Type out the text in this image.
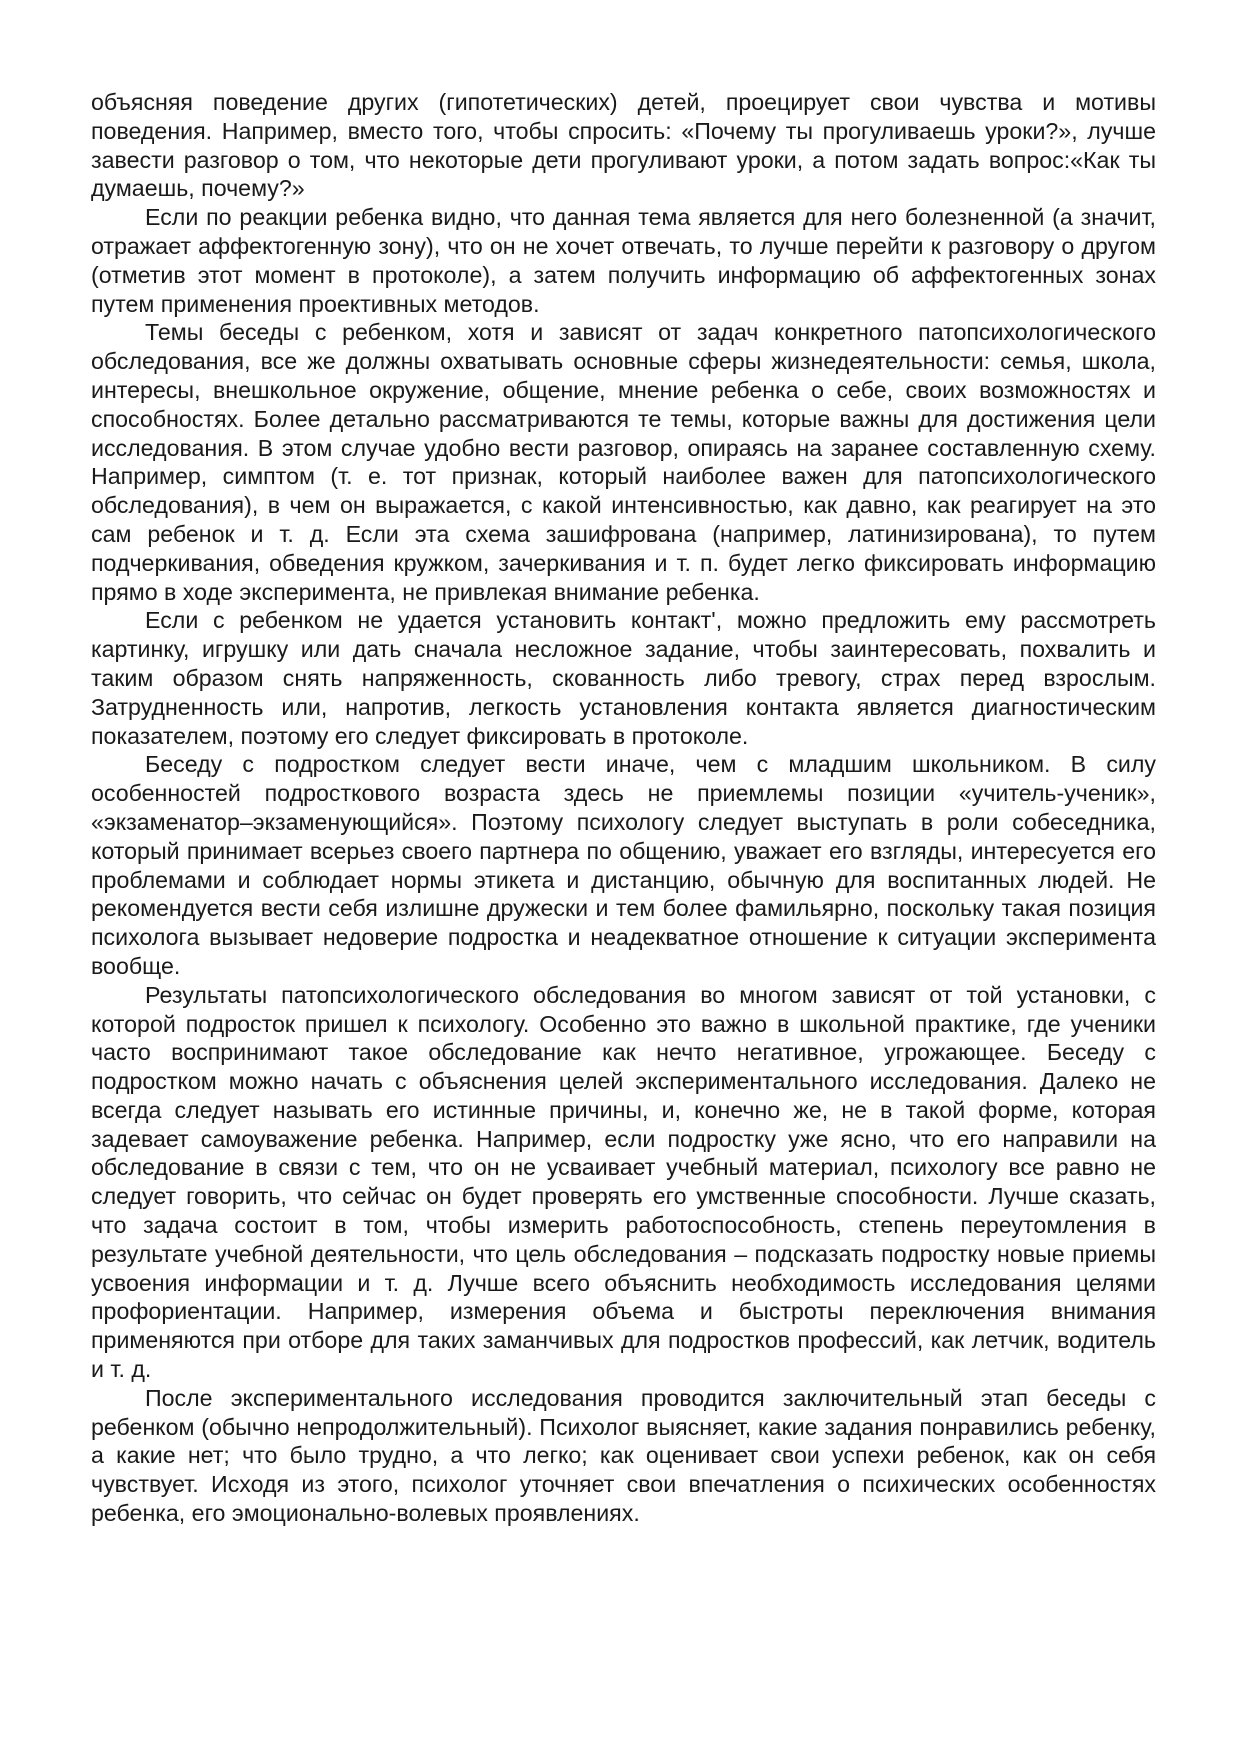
объясняя поведение других (гипотетических) детей, проецирует свои чувства и мотивы поведения. Например, вместо того, чтобы спросить: «Почему ты прогуливаешь уроки?», лучше завести разговор о том, что некоторые дети прогуливают уроки, а потом задать вопрос:«Как ты думаешь, почему?»

Если по реакции ребенка видно, что данная тема является для него болезненной (а значит, отражает аффектогенную зону), что он не хочет отвечать, то лучше перейти к разговору о другом (отметив этот момент в протоколе), а затем получить информацию об аффектогенных зонах путем применения проективных методов.

Темы беседы с ребенком, хотя и зависят от задач конкретного патопсихологического обследования, все же должны охватывать основные сферы жизнедеятельности: семья, школа, интересы, внешкольное окружение, общение, мнение ребенка о себе, своих возможностях и способностях. Более детально рассматриваются те темы, которые важны для достижения цели исследования. В этом случае удобно вести разговор, опираясь на заранее составленную схему. Например, симптом (т. е. тот признак, который наиболее важен для патопсихологического обследования), в чем он выражается, с какой интенсивностью, как давно, как реагирует на это сам ребенок и т. д. Если эта схема зашифрована (например, латинизирована), то путем подчеркивания, обведения кружком, зачеркивания и т. п. будет легко фиксировать информацию прямо в ходе эксперимента, не привлекая внимание ребенка.

Если с ребенком не удается установить контакт', можно предложить ему рассмотреть картинку, игрушку или дать сначала несложное задание, чтобы заинтересовать, похвалить и таким образом снять напряженность, скованность либо тревогу, страх перед взрослым. Затрудненность или, напротив, легкость установления контакта является диагностическим показателем, поэтому его следует фиксировать в протоколе.

Беседу с подростком следует вести иначе, чем с младшим школьником. В силу особенностей подросткового возраста здесь не приемлемы позиции «учитель-ученик», «экзаменатор–экзаменующийся». Поэтому психологу следует выступать в роли собеседника, который принимает всерьез своего партнера по общению, уважает его взгляды, интересуется его проблемами и соблюдает нормы этикета и дистанцию, обычную для воспитанных людей. Не рекомендуется вести себя излишне дружески и тем более фамильярно, поскольку такая позиция психолога вызывает недоверие подростка и неадекватное отношение к ситуации эксперимента вообще.

Результаты патопсихологического обследования во многом зависят от той установки, с которой подросток пришел к психологу. Особенно это важно в школьной практике, где ученики часто воспринимают такое обследование как нечто негативное, угрожающее. Беседу с подростком можно начать с объяснения целей экспериментального исследования. Далеко не всегда следует называть его истинные причины, и, конечно же, не в такой форме, которая задевает самоуважение ребенка. Например, если подростку уже ясно, что его направили на обследование в связи с тем, что он не усваивает учебный материал, психологу все равно не следует говорить, что сейчас он будет проверять его умственные способности. Лучше сказать, что задача состоит в том, чтобы измерить работоспособность, степень переутомления в результате учебной деятельности, что цель обследования – подсказать подростку новые приемы усвоения информации и т. д. Лучше всего объяснить необходимость исследования целями профориентации. Например, измерения объема и быстроты переключения внимания применяются при отборе для таких заманчивых для подростков профессий, как летчик, водитель и т. д.

После экспериментального исследования проводится заключительный этап беседы с ребенком (обычно непродолжительный). Психолог выясняет, какие задания понравились ребенку, а какие нет; что было трудно, а что легко; как оценивает свои успехи ребенок, как он себя чувствует. Исходя из этого, психолог уточняет свои впечатления о психических особенностях ребенка, его эмоционально-волевых проявлениях.
